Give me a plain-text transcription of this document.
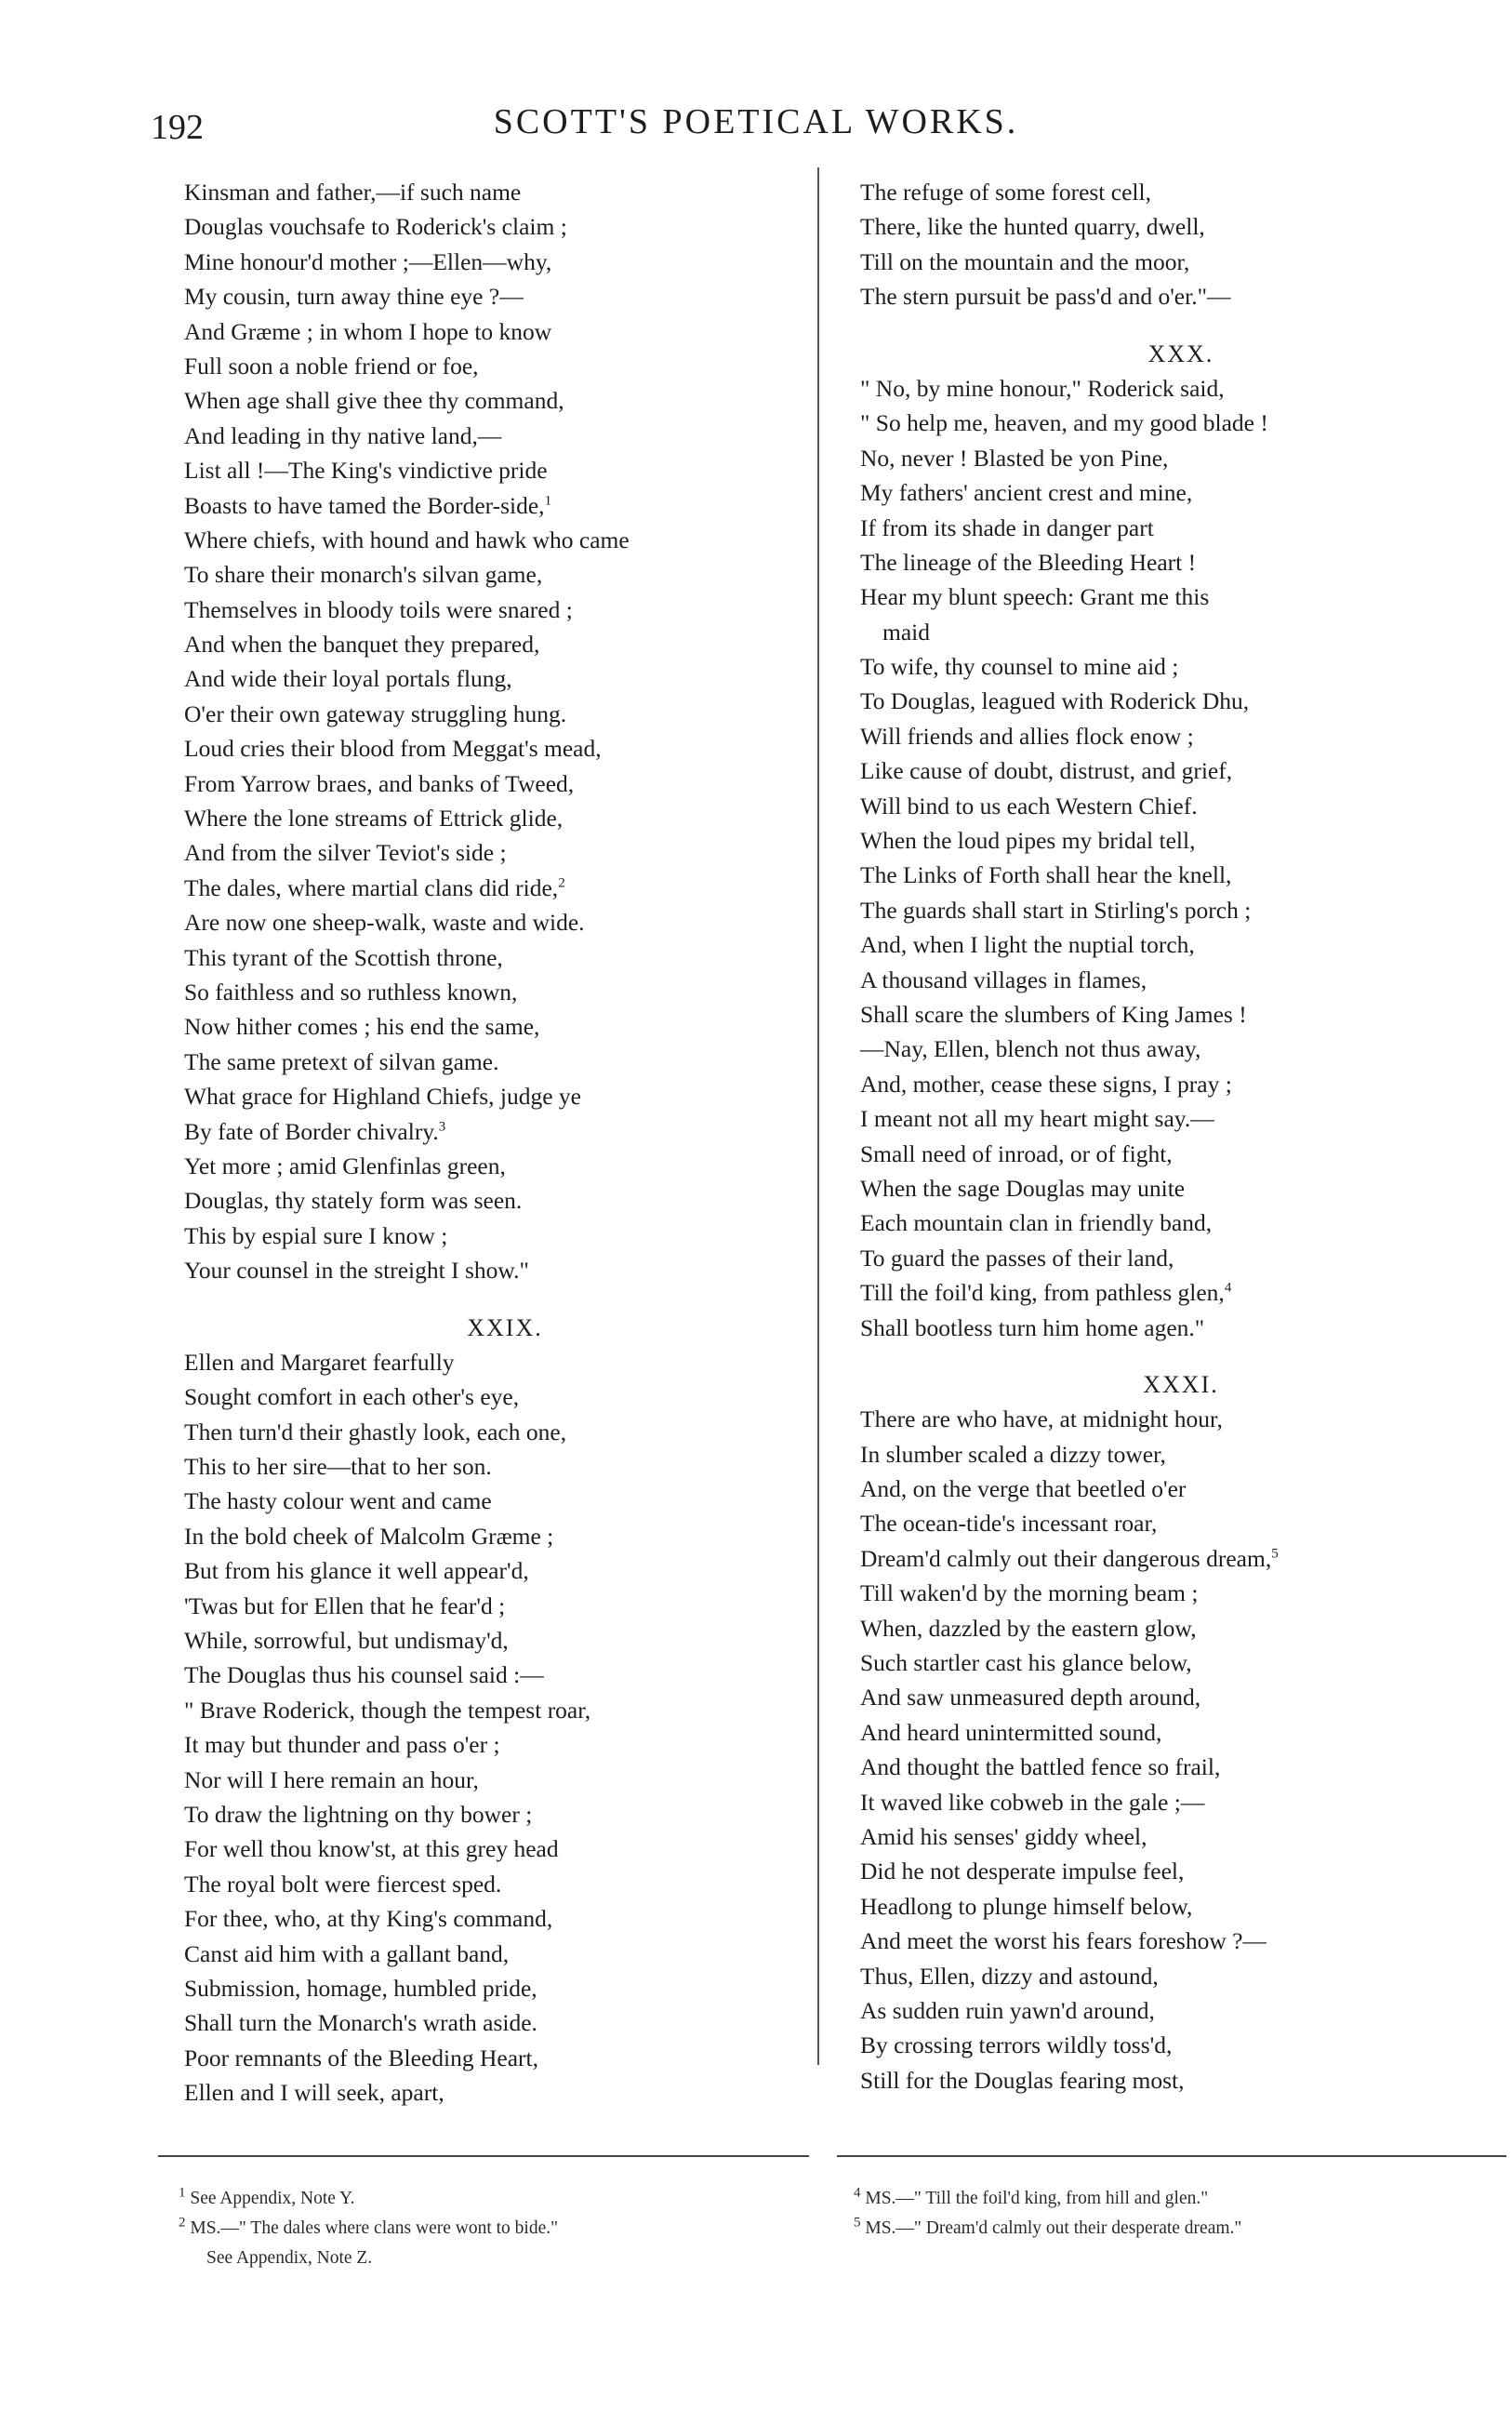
192	SCOTT'S POETICAL WORKS.
Kinsman and father,—if such name
Douglas vouchsafe to Roderick's claim ;
Mine honour'd mother ;—Ellen—why,
My cousin, turn away thine eye ?—
And Græme ; in whom I hope to know
Full soon a noble friend or foe,
When age shall give thee thy command,
And leading in thy native land,—
List all !—The King's vindictive pride
Boasts to have tamed the Border-side,$^1$
Where chiefs, with hound and hawk who came
To share their monarch's silvan game,
Themselves in bloody toils were snared ;
And when the banquet they prepared,
And wide their loyal portals flung,
O'er their own gateway struggling hung.
Loud cries their blood from Meggat's mead,
From Yarrow braes, and banks of Tweed,
Where the lone streams of Ettrick glide,
And from the silver Teviot's side ;
The dales, where martial clans did ride,$^2$
Are now one sheep-walk, waste and wide.
This tyrant of the Scottish throne,
So faithless and so ruthless known,
Now hither comes ; his end the same,
The same pretext of silvan game.
What grace for Highland Chiefs, judge ye
By fate of Border chivalry.$^3$
Yet more ; amid Glenfinlas green,
Douglas, thy stately form was seen.
This by espial sure I know ;
Your counsel in the streight I show."
XXIX.
Ellen and Margaret fearfully
Sought comfort in each other's eye,
Then turn'd their ghastly look, each one,
This to her sire—that to her son.
The hasty colour went and came
In the bold cheek of Malcolm Græme ;
But from his glance it well appear'd,
'Twas but for Ellen that he fear'd ;
While, sorrowful, but undismay'd,
The Douglas thus his counsel said :—
" Brave Roderick, though the tempest roar,
It may but thunder and pass o'er ;
Nor will I here remain an hour,
To draw the lightning on thy bower ;
For well thou know'st, at this grey head
The royal bolt were fiercest sped.
For thee, who, at thy King's command,
Canst aid him with a gallant band,
Submission, homage, humbled pride,
Shall turn the Monarch's wrath aside.
Poor remnants of the Bleeding Heart,
Ellen and I will seek, apart,
The refuge of some forest cell,
There, like the hunted quarry, dwell,
Till on the mountain and the moor,
The stern pursuit be pass'd and o'er."—
XXX.
" No, by mine honour," Roderick said,
" So help me, heaven, and my good blade !
No, never ! Blasted be yon Pine,
My fathers' ancient crest and mine,
If from its shade in danger part
The lineage of the Bleeding Heart !
Hear my blunt speech: Grant me this
maid
To wife, thy counsel to mine aid ;
To Douglas, leagued with Roderick Dhu,
Will friends and allies flock enow ;
Like cause of doubt, distrust, and grief,
Will bind to us each Western Chief.
When the loud pipes my bridal tell,
The Links of Forth shall hear the knell,
The guards shall start in Stirling's porch ;
And, when I light the nuptial torch,
A thousand villages in flames,
Shall scare the slumbers of King James !
—Nay, Ellen, blench not thus away,
And, mother, cease these signs, I pray ;
I meant not all my heart might say.—
Small need of inroad, or of fight,
When the sage Douglas may unite
Each mountain clan in friendly band,
To guard the passes of their land,
Till the foil'd king, from pathless glen,$^4$
Shall bootless turn him home agen."
XXXI.
There are who have, at midnight hour,
In slumber scaled a dizzy tower,
And, on the verge that beetled o'er
The ocean-tide's incessant roar,
Dream'd calmly out their dangerous dream,$^5$
Till waken'd by the morning beam ;
When, dazzled by the eastern glow,
Such startler cast his glance below,
And saw unmeasured depth around,
And heard unintermitted sound,
And thought the battled fence so frail,
It waved like cobweb in the gale ;—
Amid his senses' giddy wheel,
Did he not desperate impulse feel,
Headlong to plunge himself below,
And meet the worst his fears foreshow ?—
Thus, Ellen, dizzy and astound,
As sudden ruin yawn'd around,
By crossing terrors wildly toss'd,
Still for the Douglas fearing most,
$^1$ See Appendix, Note Y.
$^2$ MS.—" The dales where clans were wont to bide."
See Appendix, Note Z.
$^4$ MS.—" Till the foil'd king, from hill and glen."
$^5$ MS.—" Dream'd calmly out their desperate dream."
